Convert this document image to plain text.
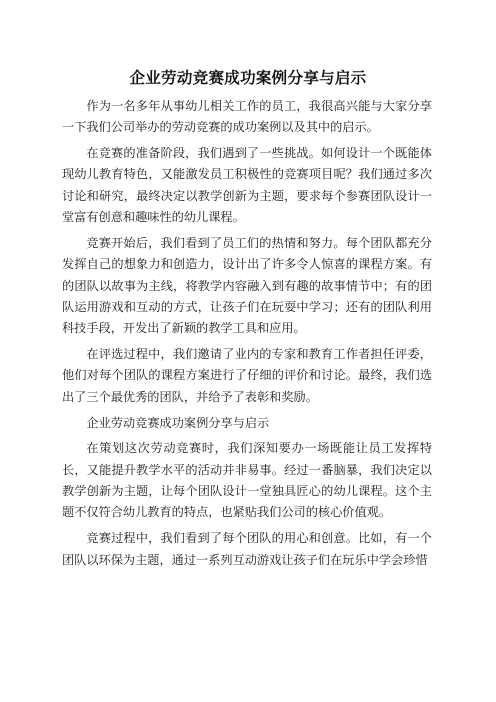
企业劳动竞赛成功案例分享与启示

作为一名多年从事幼儿相关工作的员工，我很高兴能与大家分享一下我们公司举办的劳动竞赛的成功案例以及其中的启示。

在竞赛的准备阶段，我们遇到了一些挑战。如何设计一个既能体现幼儿教育特色，又能激发员工积极性的竞赛项目呢？我们通过多次讨论和研究，最终决定以教学创新为主题，要求每个参赛团队设计一堂富有创意和趣味性的幼儿课程。

竞赛开始后，我们看到了员工们的热情和努力。每个团队都充分发挥自己的想象力和创造力，设计出了许多令人惊喜的课程方案。有的团队以故事为主线，将教学内容融入到有趣的故事情节中；有的团队运用游戏和互动的方式，让孩子们在玩耍中学习；还有的团队利用科技手段，开发出了新颖的教学工具和应用。

在评选过程中，我们邀请了业内的专家和教育工作者担任评委，他们对每个团队的课程方案进行了仔细的评价和讨论。最终，我们选出了三个最优秀的团队，并给予了表彰和奖励。

企业劳动竞赛成功案例分享与启示

在策划这次劳动竞赛时，我们深知要办一场既能让员工发挥特长，又能提升教学水平的活动并非易事。经过一番脑暴，我们决定以教学创新为主题，让每个团队设计一堂独具匠心的幼儿课程。这个主题不仅符合幼儿教育的特点，也紧贴我们公司的核心价值观。

竞赛过程中，我们看到了每个团队的用心和创意。比如，有一个团队以环保为主题，通过一系列互动游戏让孩子们在玩乐中学会珍惜
